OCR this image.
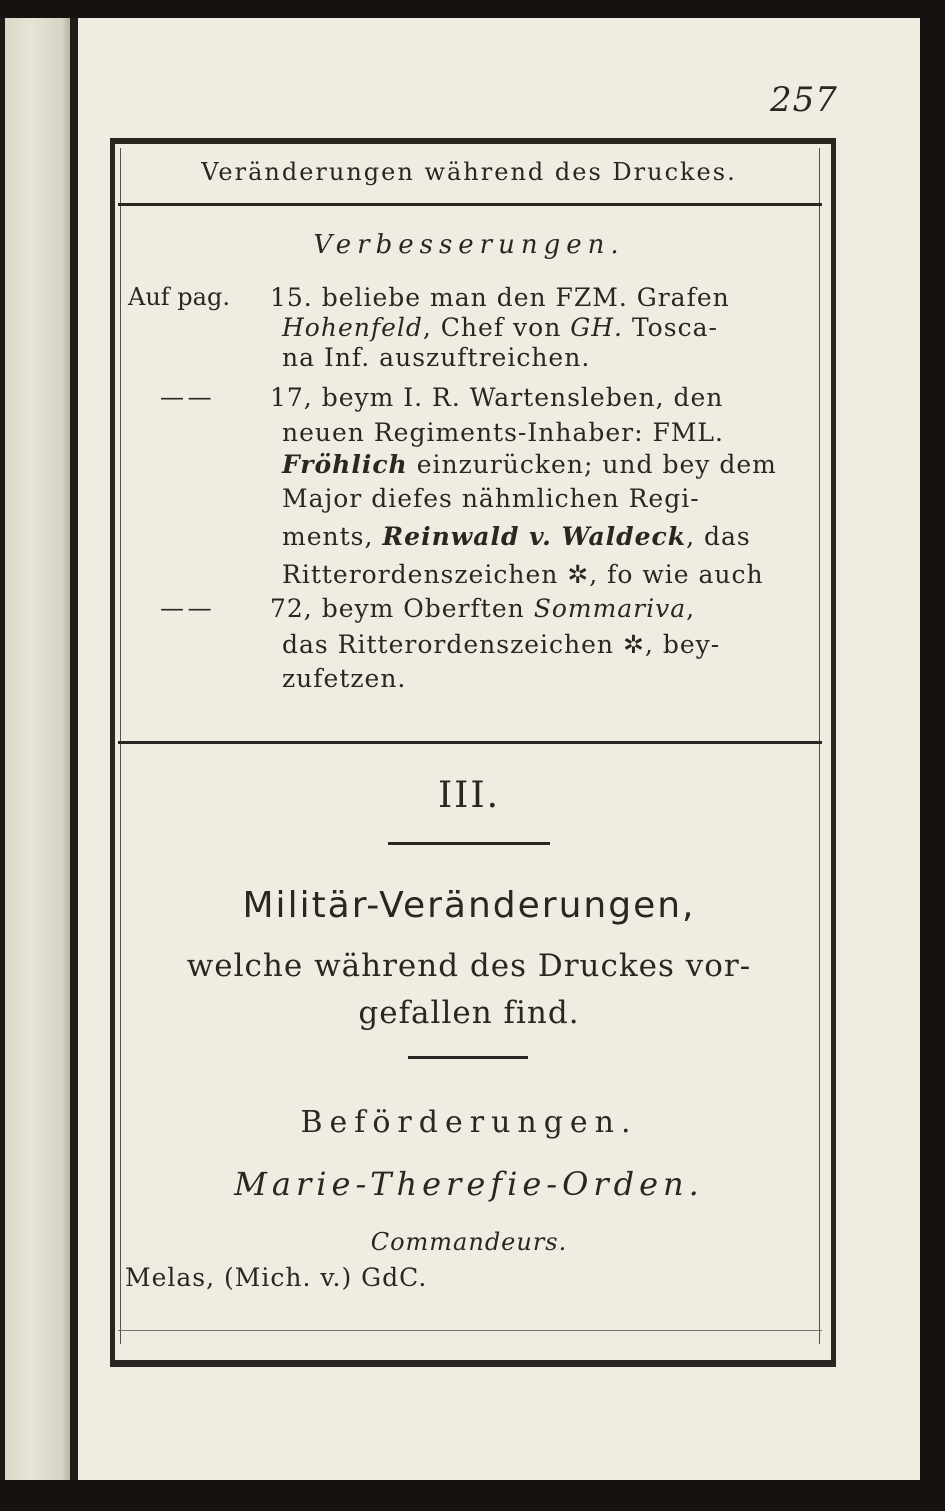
257
Veränderungen während des Druckes.
Verbesserungen.
Auf pag. 15. beliebe man den FZM. Grafen
Hohenfeld, Chef von GH. Tosca-
na Inf. auszuftreichen.
— — 17, beym I. R. Wartensleben, den
neuen Regiments-Inhaber: FML.
Fröhlich einzurücken; und bey dem
Major diefes nähmlichen Regi-
ments, Reinwald v. Waldeck, das
Ritterordenszeichen ✲, fo wie auch
— — 72, beym Oberften Sommariva,
das Ritterordenszeichen ✲, bey-
zufetzen.
III.
Militär-Veränderungen,
welche während des Druckes vor-
gefallen find.
Beförderungen.
Marie-Therefie-Orden.
Commandeurs.
Melas, (Mich. v.) GdC.
